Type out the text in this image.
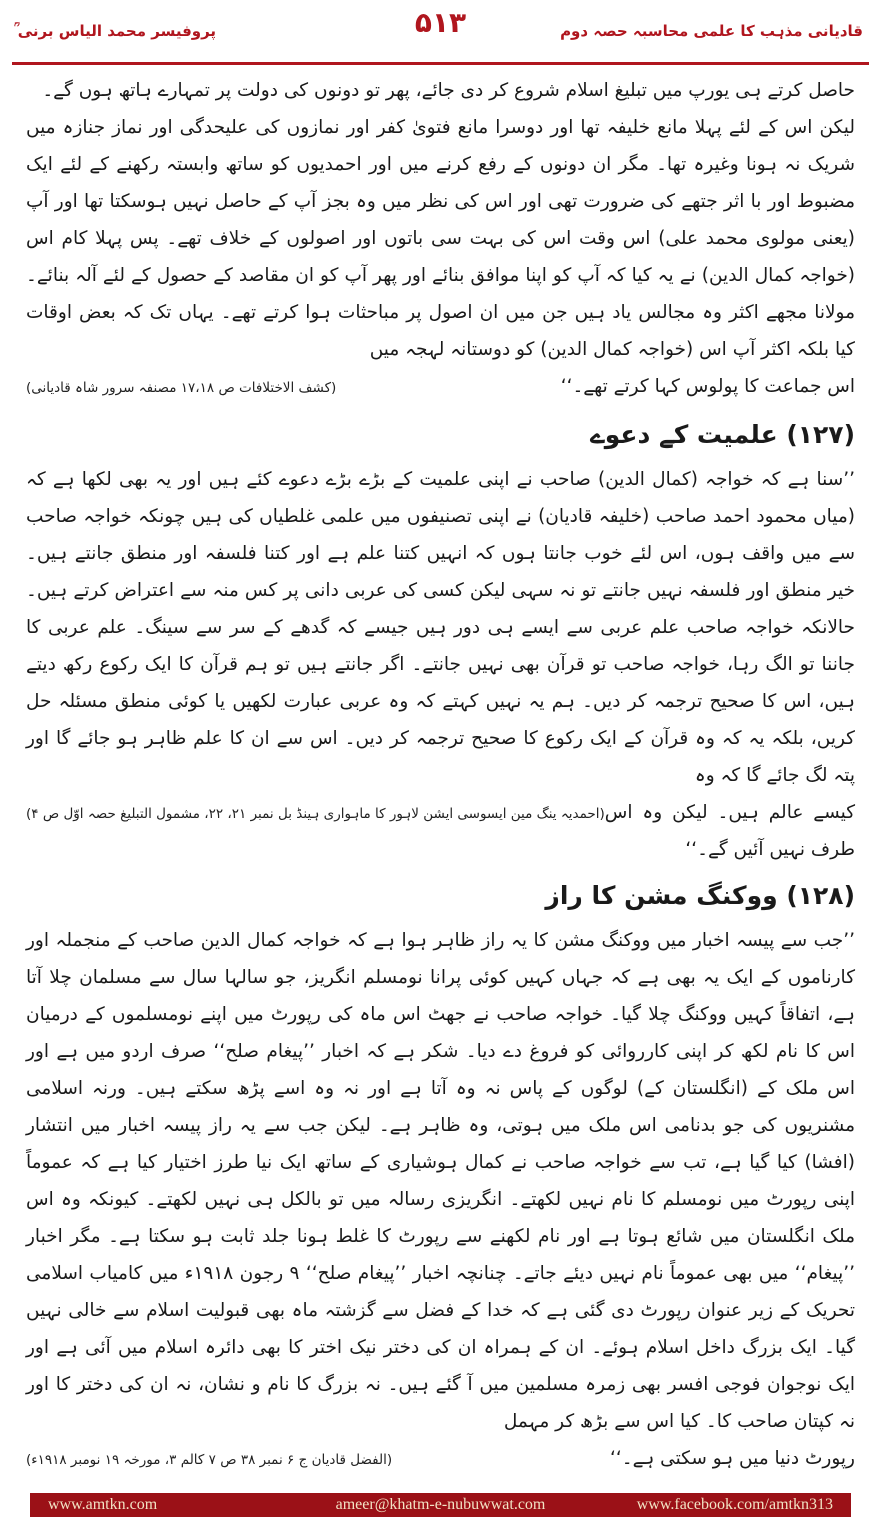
قادیانی مذہب کا علمی محاسبہ حصہ دوم
۵۱۳
پروفیسر محمد الیاس برنی ؒ

حاصل کرتے ہی یورپ میں تبلیغ اسلام شروع کر دی جائے، پھر تو دونوں کی دولت پر تمہارے ہاتھ ہوں گے۔

لیکن اس کے لئے پہلا مانع خلیفہ تھا اور دوسرا مانع فتویٰ کفر اور نمازوں کی علیحدگی اور نماز جنازہ میں شریک نہ ہونا وغیرہ تھا۔ مگر ان دونوں کے رفع کرنے میں اور احمدیوں کو ساتھ وابستہ رکھنے کے لئے ایک مضبوط اور با اثر جتھے کی ضرورت تھی اور اس کی نظر میں وہ بجز آپ کے حاصل نہیں ہوسکتا تھا اور آپ (یعنی مولوی محمد علی) اس وقت اس کی بہت سی باتوں اور اصولوں کے خلاف تھے۔ پس پہلا کام اس (خواجہ کمال الدین) نے یہ کیا کہ آپ کو اپنا موافق بنائے اور پھر آپ کو ان مقاصد کے حصول کے لئے آلہ بنائے۔ مولانا مجھے اکثر وہ مجالس یاد ہیں جن میں ان اصول پر مباحثات ہوا کرتے تھے۔ یہاں تک کہ بعض اوقات کیا بلکہ اکثر آپ اس (خواجہ کمال الدین) کو دوستانہ لہجہ میں

اس جماعت کا پولوس کہا کرتے تھے۔‘‘
(کشف الاختلافات ص ۱۷،۱۸ مصنفہ سرور شاہ قادیانی)
(۱۲۷) علمیت کے دعوے

’’سنا ہے کہ خواجہ (کمال الدین) صاحب نے اپنی علمیت کے بڑے بڑے دعوے کئے ہیں اور یہ بھی لکھا ہے کہ (میاں محمود احمد صاحب (خلیفہ قادیان) نے اپنی تصنیفوں میں علمی غلطیاں کی ہیں چونکہ خواجہ صاحب سے میں واقف ہوں، اس لئے خوب جانتا ہوں کہ انہیں کتنا علم ہے اور کتنا فلسفہ اور منطق جانتے ہیں۔ خیر منطق اور فلسفہ نہیں جانتے تو نہ سہی لیکن کسی کی عربی دانی پر کس منہ سے اعتراض کرتے ہیں۔ حالانکہ خواجہ صاحب علم عربی سے ایسے ہی دور ہیں جیسے کہ گدھے کے سر سے سینگ۔ علم عربی کا جاننا تو الگ رہا، خواجہ صاحب تو قرآن بھی نہیں جانتے۔ اگر جانتے ہیں تو ہم قرآن کا ایک رکوع رکھ دیتے ہیں، اس کا صحیح ترجمہ کر دیں۔ ہم یہ نہیں کہتے کہ وہ عربی عبارت لکھیں یا کوئی منطق مسئلہ حل کریں، بلکہ یہ کہ وہ قرآن کے ایک رکوع کا صحیح ترجمہ کر دیں۔ اس سے ان کا علم ظاہر ہو جائے گا اور پتہ لگ جائے گا کہ وہ

کیسے عالم ہیں۔ لیکن وہ اس طرف نہیں آئیں گے۔‘‘
(احمدیہ ینگ مین ایسوسی ایشن لاہور کا ماہواری ہینڈ بل نمبر ۲۱، ۲۲، مشمول التبلیغ حصہ اوّل ص ۴)
(۱۲۸) ووکنگ مشن کا راز

’’جب سے پیسہ اخبار میں ووکنگ مشن کا یہ راز ظاہر ہوا ہے کہ خواجہ کمال الدین صاحب کے منجملہ اور کارناموں کے ایک یہ بھی ہے کہ جہاں کہیں کوئی پرانا نومسلم انگریز، جو سالہا سال سے مسلمان چلا آتا ہے، اتفاقاً کہیں ووکنگ چلا گیا۔ خواجہ صاحب نے جھٹ اس ماہ کی رپورٹ میں اپنے نومسلموں کے درمیان اس کا نام لکھ کر اپنی کارروائی کو فروغ دے دیا۔ شکر ہے کہ اخبار ’’پیغام صلح‘‘ صرف اردو میں ہے اور اس ملک کے (انگلستان کے) لوگوں کے پاس نہ وہ آتا ہے اور نہ وہ اسے پڑھ سکتے ہیں۔ ورنہ اسلامی مشنریوں کی جو بدنامی اس ملک میں ہوتی، وہ ظاہر ہے۔ لیکن جب سے یہ راز پیسہ اخبار میں انتشار (افشا) کیا گیا ہے، تب سے خواجہ صاحب نے کمال ہوشیاری کے ساتھ ایک نیا طرز اختیار کیا ہے کہ عموماً اپنی رپورٹ میں نومسلم کا نام نہیں لکھتے۔ انگریزی رسالہ میں تو بالکل ہی نہیں لکھتے۔ کیونکہ وہ اس ملک انگلستان میں شائع ہوتا ہے اور نام لکھنے سے رپورٹ کا غلط ہونا جلد ثابت ہو سکتا ہے۔ مگر اخبار ’’پیغام‘‘ میں بھی عموماً نام نہیں دیئے جاتے۔ چنانچہ اخبار ’’پیغام صلح‘‘ ۹ رجون ۱۹۱۸ء میں کامیاب اسلامی تحریک کے زیر عنوان رپورٹ دی گئی ہے کہ خدا کے فضل سے گزشتہ ماہ بھی قبولیت اسلام سے خالی نہیں گیا۔ ایک بزرگ داخل اسلام ہوئے۔ ان کے ہمراہ ان کی دختر نیک اختر کا بھی دائرہ اسلام میں آئی ہے اور ایک نوجوان فوجی افسر بھی زمرہ مسلمین میں آ گئے ہیں۔ نہ بزرگ کا نام و نشان، نہ ان کی دختر کا اور نہ کپتان صاحب کا۔ کیا اس سے بڑھ کر مہمل

رپورٹ دنیا میں ہو سکتی ہے۔‘‘
(الفضل قادیان ج ۶ نمبر ۳۸ ص ۷ کالم ۳، مورخہ ۱۹ نومبر ۱۹۱۸ء)
www.amtkn.com	ameer@khatm-e-nubuwwat.com	www.facebook.com/amtkn313
